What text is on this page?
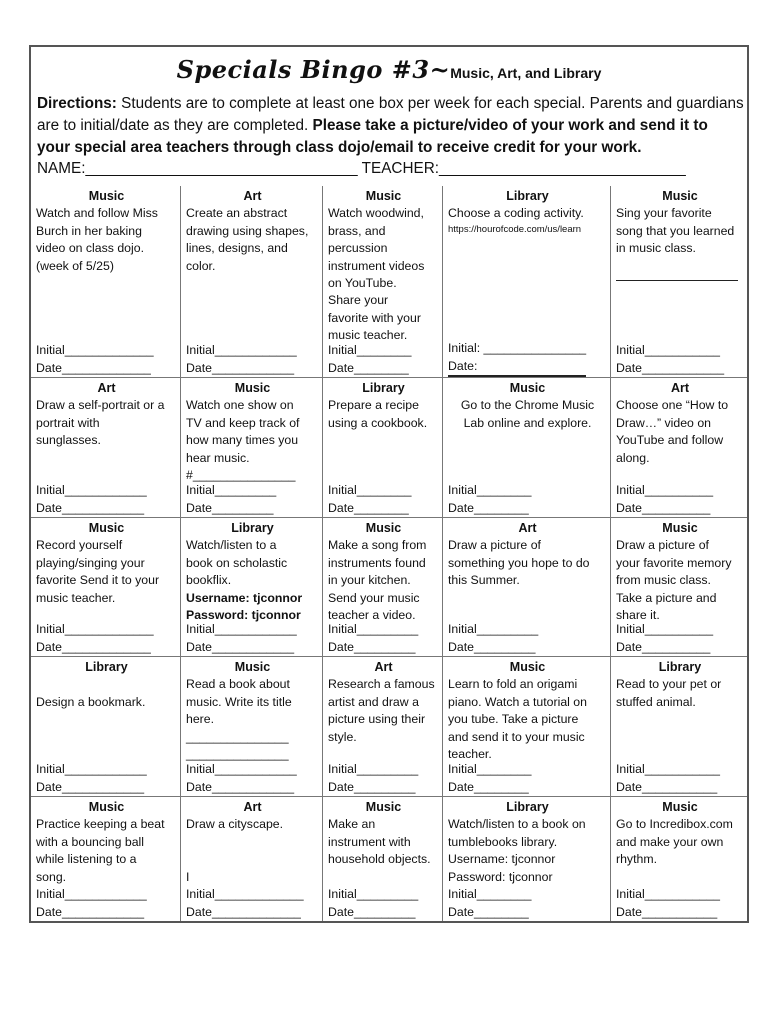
Specials Bingo #3~Music, Art, and Library
Directions: Students are to complete at least one box per week for each special. Parents and guardians are to initial/date as they are completed. Please take a picture/video of your work and send it to your special area teachers through class dojo/email to receive credit for your work.
NAME:________________________________ TEACHER:_____________________________
Music
Watch and follow Miss
Burch in her baking
video on class dojo.
(week of 5/25)
Initial_____________
Date_____________
Art
Create an abstract
drawing using shapes,
lines, designs, and
color.
Initial____________
Date____________
Music
Watch woodwind,
brass, and
percussion
instrument videos
on YouTube.
Share your
favorite with your
music teacher.
Initial________
Date________
Library
Choose a coding activity.
https://hourofcode.com/us/learn
Initial: _______________
Date:
Music
Sing your favorite
song that you learned
in music class.
Initial___________
Date____________
Art
Draw a self-portrait or a
portrait with
sunglasses.
Initial____________
Date____________
Music
Watch one show on
TV and keep track of
how many times you
hear music.
#_______________
Initial_________
Date_________
Library
Prepare a recipe
using a cookbook.
Initial________
Date________
Music
Go to the Chrome Music
Lab online and explore.
Initial________
Date________
Art
Choose one “How to
Draw…” video on
YouTube and follow
along.
Initial__________
Date__________
Music
Record yourself
playing/singing your
favorite Send it to your
music teacher.
Initial_____________
Date_____________
Library
Watch/listen to a
book on scholastic
bookflix.
Username: tjconnor
Password: tjconnor
Initial____________
Date____________
Music
Make a song from
instruments found
in your kitchen.
Send your music
teacher a video.
Initial_________
Date_________
Art
Draw a picture of
something you hope to do
this Summer.
Initial_________
Date_________
Music
Draw a picture of
your favorite memory
from music class.
Take a picture and
share it.
Initial__________
Date__________
Library

Design a bookmark.
Initial____________
Date____________
Music
Read a book about
music. Write its title
here.
_______________
_______________
Initial____________
Date____________
Art
Research a famous
artist and draw a
picture using their
style.
Initial_________
Date_________
Music
Learn to fold an origami
piano. Watch a tutorial on
you tube. Take a picture
and send it to your music
teacher.
Initial________
Date________
Library
Read to your pet or
stuffed animal.
Initial___________
Date___________
Music
Practice keeping a beat
with a bouncing ball
while listening to a
song.
Initial____________
Date____________
Art
Draw a cityscape.

I
Initial_____________
Date_____________
Music
Make an
instrument with
household objects.
Initial_________
Date_________
Library
Watch/listen to a book on
tumblebooks library.
Username: tjconnor
Password: tjconnor
Initial________
Date________
Music
Go to Incredibox.com
and make your own
rhythm.
Initial___________
Date___________
